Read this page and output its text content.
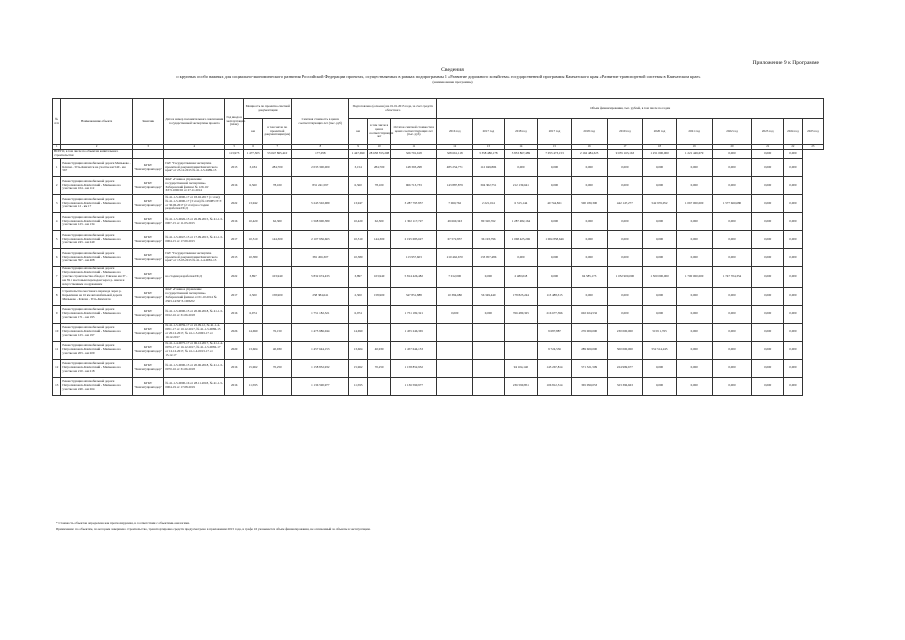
Приложение 9 к Программе
Сведения
о крупных особо важных для социально-экономического развития Российской Федерации проектах, осуществляемых в рамках подпрограммы 1 «Развитие дорожного хозяйства» государственной программы Камчатского края «Развитие транспортной системы в Камчатском крае»
(наименование программы)
№ п/п	Наименование объекта	Заказчик	Дата и номер положительного заключения государственной экспертизы проекта	Год ввода в эксплуатацию (план)	Мощность по проектно-сметной документации		Сметная стоимость в ценах соответствующих лет (тыс. руб)	Подготовлено (освоено) на 01.01.2015 года, за счет средств областного			Объем финансирования, тыс. рублей, в том числе по годам											
					км	в том числе по проектной документации (км)		км	в том числе в ценах соответствующих лет	Остаток сметной стоимости в ценах соответствующих лет (тыс. руб)	2016 год	2017 год	2018 год	2017 год	2018 год	2019 год	2020 год	2021 год	2022 год	2023 год	2024 год	2025 год
1	2	3	4	5	6	7	8	9	10	11	12	13	14	15	16	17	18	19	20	21	22	23
ВСЕГО, в том числе по объектам капитального строительства:				113,973	1 477,303	53 047 865,410	177,058	1 447,690	28 658 553,208	326 791,618	328 661,118	3 358 480,178	3 853 867,489	7 053 473,153	2 162 484,325	9 055 163,163	1 251 000,000	1 221 449,679	0,000	0,000	0,000	
1	Реконструкция автомобильной дороги Мильково - Ключи - Усть-Камчатск на участке км 540 - км 567	КГКУ "Камчатуправтодор"	ГАУ "Государственная экспертиза проектной документации Камчатского края" от 25.12.2013 № 41-1-5-0489-13	2013	3,184	284,700	2 033 300,000	3,154	284,700	148 393,298	485 254,771	112 049,806	0,000	0,000	0,000	0,000	0,000	0,000	0,000	0,000	0,000	
2	Реконструкция автомобильной дороги Петропавловск-Камчатский - Мильково на участке км 104 - км 112	КГКУ "Камчатуправтодор"	ФАУ «Главное управление государственной экспертизы» Хабаровский филиал № 129-10/ХГЭ-1006/02 от 27.11.2014	2016	6,560	78,100	831 241,597	6,560	78,100	966 713,733	143 887,879	304 302,751	212 139,641	0,000	0,000	0,000	0,000	0,000	0,000	0,000	0,000	
3	Реконструкция автомобильной дороги Петропавловск-Камчатский - Мильково на участке км 12 - км 17	КГКУ "Камчатуправтодор"	№ 41-1-5-0000-17 от 03.02.2017 (1 этап); № 41-1-5-0000-17 (3 этап) № 105085 ГГЭ от 30.06.2017 (2 этап) на стадии разработки ПСД	2022	13,942		5 243 502,689	13,947		3 287 795 857	7 060,762	2 221,014	6 315,144	40 744,821	500 180,300	442 147,277	542 976,052	1 067 000,000	1 577 660,680	0,000	0,000	
4	Реконструкция автомобильной дороги Петропавловск-Камчатский - Мильково на участке км 123 - км 134	КГКУ "Камчатуправтодор"	№ 41-1-5-0026-15 от 26.09.2015, № 41-1-5-0007-15 от 11.03.2015	2016	10,420	62,300	1 568 900,380	10,420	62,300	1 302 117,727	49 660,343	80 320,762	1 287 482,164	0,000	0,000	0,000	0,000	0,000	0,000	0,000	0,000	
5	Реконструкция автомобильной дороги Петропавловск-Камчатский - Мильково на участке км 243 - км 249	КГКУ "Камчатуправтодор"	№ 41-1-5-0047-15 от 17.09.2015, № 41-1-5-0004-15 от 17.09.2015	2017	10,510	144,300	2 107 956,663	10,510	144,300	2 195 683,627	67 572,837	36 193,796	1 068 425,296	1 004 858,646	0,000	0,000	0,000	0,000	0,000	0,000	0,000	
6	Реконструкция автомобильной дороги Петропавловск-Камчатский - Мильково на участке км 397 - км 408	КГКУ "Камчатуправтодор"	ГАУ "Государственная экспертиза проектной документации Камчатского края" от 15.03.2013 № 41-1-4-0081-13	2013	10,380		381 456,307	10,380		113 957,603	210 462,670	133 957,486	0,000	0,000	0,000	0,000	0,000	0,000	0,000	0,000	0,000	
7	Реконструкция автомобильной дороги Петропавловск-Камчатский - Мильково на участке строительства обхода г. Елизово км 37 - км 39 с мостовым переходом через р. Авача и искусственным сооружением	КГКУ "Камчатуправтодор"	на стадии разработки ПСД	2022	3,897	103,940	5 832 674,433	3,897	103,940	5 814 426,482	7 012,000	0,000	2 480,018	0,000	94 585,173	1 052 900,000	1 500 000,000	1 700 000,000	1 747 704,354	0,000	0,000	
8	Строительство мостового перехода через р. Карымчина на 16 км автомобильной дороги Мильково - Ключи - Усть-Камчатск	КГКУ "Камчатуправтодор"	ФАУ «Главное управление государственной экспертизы» Хабаровский филиал от 01.10.2014 № 2363-14/ХГЭ-1006/02	2017	2,500	158,900	258 384,641	2,500	158,900	347 851,888	10 384,680	56 349,440	178 823,244	113 488,315	0,000	0,000	0,000	0,000	0,000	0,000	0,000	
9	Реконструкция автомобильной дороги Петропавловск-Камчатский - Мильково на участке км 171 - км 195	КГКУ "Камчатуправтодор"	№ 41-1-5-0000-15 от 20.06.2018, № 41-1-5-0012-16 от 31.06.2018	2016	6,974		1 751 182,321	6,974		1 751 182,321	0,000	0,000	766 480,325	216 677,396	602 024,532	0,000	0,000	0,000	0,000	0,000	0,000	
10	Реконструкция автомобильной дороги Петропавловск-Камчатский - Мильково на участке км 123 - км 197	КГКУ "Камчатуправтодор"	№ 41-1-5-0059-17 от 22.09.12, № 41-1-4-0051-17 от 10.12.2017, № 41-1-5-0086-15 от 20.12.2017, № 41-1-5-0063-17 от 10.12.2017	2026	14,690	76,150	1 475 986,044	14,690		1 455 246,365				9 687,887	276 000,000	230 000,000	5159 1,765	0,000	0,000	0,000	0,000	
11	Реконструкция автомобильной дороги Петропавловск-Камчатский - Мильково на участке км 203 - км 209	КГКУ "Камчатуправтодор"	№ 41-1-4-0075-17 от 06.12.2017, № 41-1-4-0076-17 от 16.12.2017, № 41-1-5-0082-17 от 12.12.2017, № 41-1-4-0013-17 от 15.12.17	2020	13,604	40,930	1 457 644,153	13,604	40,930	1 457 644,153				9 724,536	289 600,000	500 000,000	552 514,245	0,000	0,000	0,000	0,000	
12	Реконструкция автомобильной дороги Петропавловск-Камчатский - Мильково на участке км 210 - км 218	КГКУ "Камчатуправтодор"	№ 41-1-5-0000-15 от 20.06.2018, № 41-1-5-0070-16 от 31.06.2018	2016	15,962	70,250	1 158 852,932	15,962	70,250	1 158 852,932			94 104,140	145 267,814	571 321,509	224 999,677	0,000	0,000	0,000	0,000	0,000	
13	Реконструкция автомобильной дороги Петропавловск-Камчатский - Мильково на участке км 249 - км 264	КГКУ "Камчатуправтодор"	№ 41-1-5-0000-16 от 28.11.2018, № 41-1-5-0004-19 от 17.08.2019	2016	11,595		1 136 590,977	11,595		1 136 590,977			236 590,851	106 812,514	365 090,053	323 396,663	0,000	0,000	0,000	0,000	0,000	
* Стоимость объектов определена как прогнозируемая, в соответствии с объектами-аналогами.
Примечание: по объектам, по которым завершено строительство, транспортировка средств предусмотрено в приложении 2015 года, в графе 16 указывается объем финансирования, не оплаченный за объекты в эксплуатации.
